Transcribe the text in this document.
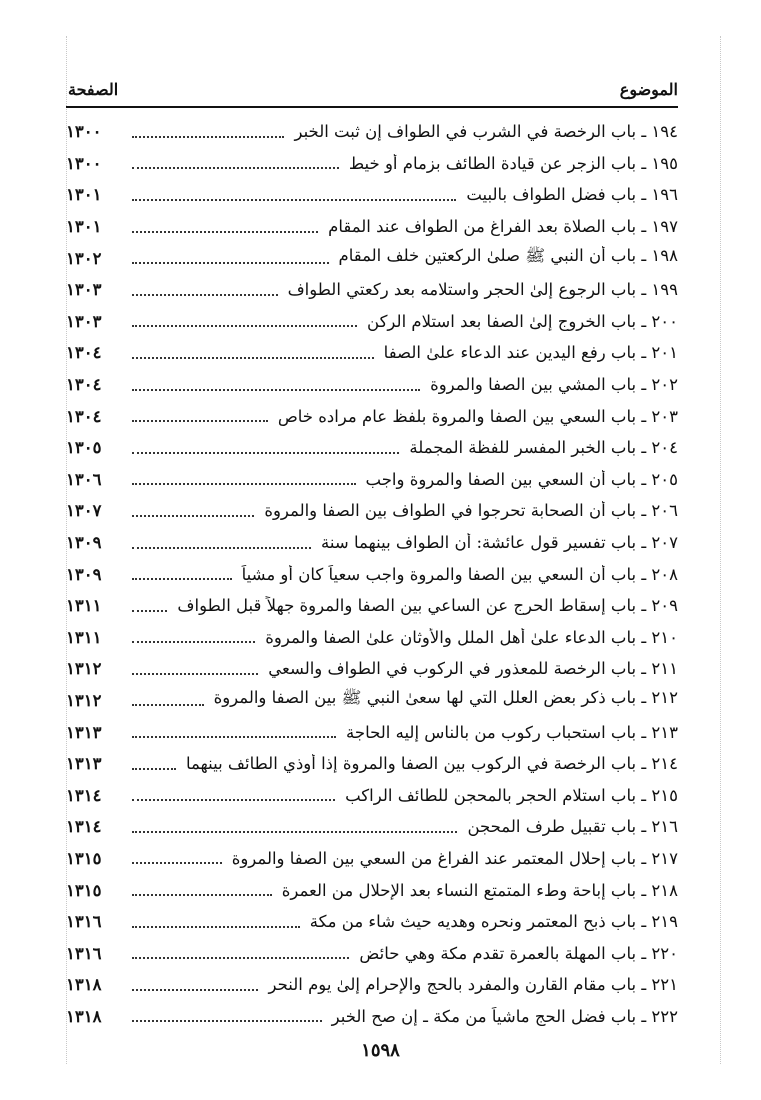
الموضوع
الصفحة
١٩٤ ـ باب الرخصة في الشرب في الطواف إن ثبت الخبر
١٣٠٠
١٩٥ ـ باب الزجر عن قيادة الطائف بزمام أو خيط
١٣٠٠
١٩٦ ـ باب فضل الطواف بالبيت
١٣٠١
١٩٧ ـ باب الصلاة بعد الفراغ من الطواف عند المقام
١٣٠١
١٩٨ ـ باب أن النبي ﷺ صلىٰ الركعتين خلف المقام
١٣٠٢
١٩٩ ـ باب الرجوع إلىٰ الحجر واستلامه بعد ركعتي الطواف
١٣٠٣
٢٠٠ ـ باب الخروج إلىٰ الصفا بعد استلام الركن
١٣٠٣
٢٠١ ـ باب رفع اليدين عند الدعاء علىٰ الصفا
١٣٠٤
٢٠٢ ـ باب المشي بين الصفا والمروة
١٣٠٤
٢٠٣ ـ باب السعي بين الصفا والمروة بلفظ عام مراده خاص
١٣٠٤
٢٠٤ ـ باب الخبر المفسر للفظة المجملة
١٣٠٥
٢٠٥ ـ باب أن السعي بين الصفا والمروة واجب
١٣٠٦
٢٠٦ ـ باب أن الصحابة تحرجوا في الطواف بين الصفا والمروة
١٣٠٧
٢٠٧ ـ باب تفسير قول عائشة: أن الطواف بينهما سنة
١٣٠٩
٢٠٨ ـ باب أن السعي بين الصفا والمروة واجب سعياً كان أو مشياً
١٣٠٩
٢٠٩ ـ باب إسقاط الحرج عن الساعي بين الصفا والمروة جهلاً قبل الطواف
١٣١١
٢١٠ ـ باب الدعاء علىٰ أهل الملل والأوثان علىٰ الصفا والمروة
١٣١١
٢١١ ـ باب الرخصة للمعذور في الركوب في الطواف والسعي
١٣١٢
٢١٢ ـ باب ذكر بعض العلل التي لها سعىٰ النبي ﷺ بين الصفا والمروة
١٣١٢
٢١٣ ـ باب استحباب ركوب من بالناس إليه الحاجة
١٣١٣
٢١٤ ـ باب الرخصة في الركوب بين الصفا والمروة إذا أوذي الطائف بينهما
١٣١٣
٢١٥ ـ باب استلام الحجر بالمحجن للطائف الراكب
١٣١٤
٢١٦ ـ باب تقبيل طرف المحجن
١٣١٤
٢١٧ ـ باب إحلال المعتمر عند الفراغ من السعي بين الصفا والمروة
١٣١٥
٢١٨ ـ باب إباحة وطء المتمتع النساء بعد الإحلال من العمرة
١٣١٥
٢١٩ ـ باب ذبح المعتمر ونحره وهديه حيث شاء من مكة
١٣١٦
٢٢٠ ـ باب المهلة بالعمرة تقدم مكة وهي حائض
١٣١٦
٢٢١ ـ باب مقام القارن والمفرد بالحج والإحرام إلىٰ يوم النحر
١٣١٨
٢٢٢ ـ باب فضل الحج ماشياً من مكة ـ إن صح الخبر
١٣١٨
١٥٩٨
